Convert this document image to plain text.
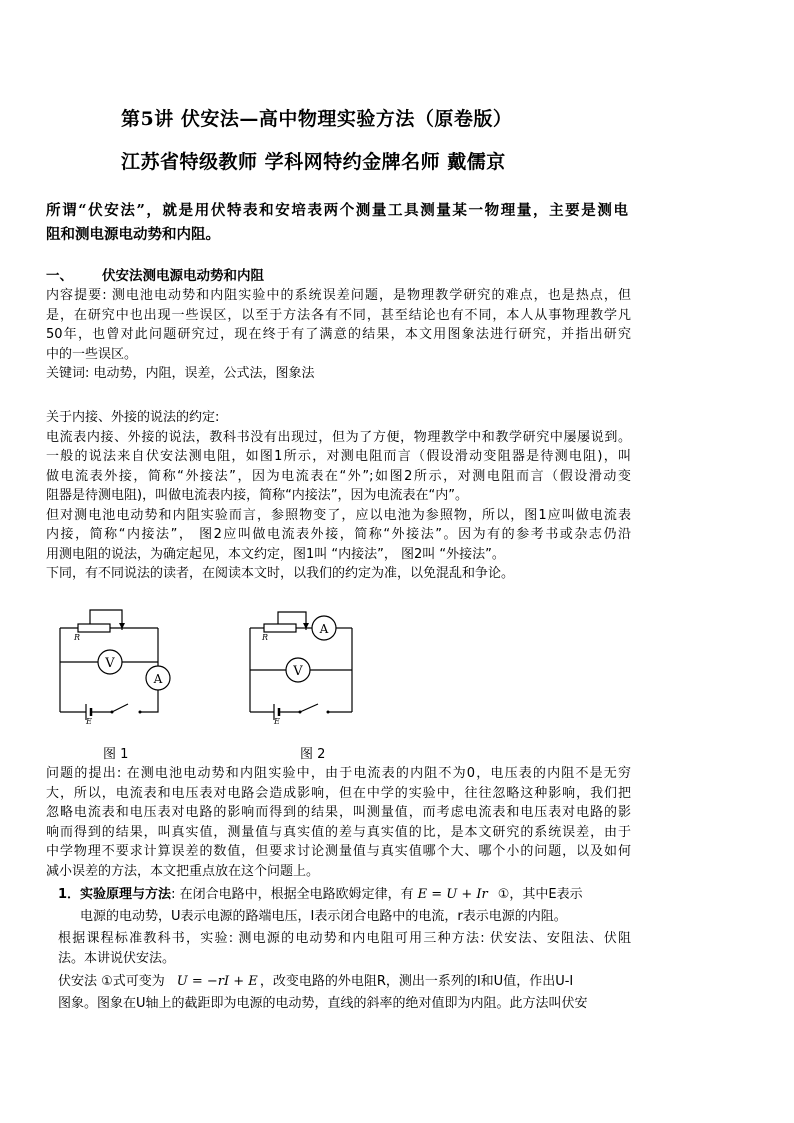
第5讲 伏安法—高中物理实验方法（原卷版）
江苏省特级教师 学科网特约金牌名师 戴儒京
所谓“伏安法”，就是用伏特表和安培表两个测量工具测量某一物理量，主要是测电
阻和测电源电动势和内阻。
一、 伏安法测电源电动势和内阻
内容提要: 测电池电动势和内阻实验中的系统误差问题，是物理教学研究的难点，也是热点，但
是，在研究中也出现一些误区，以至于方法各有不同，甚至结论也有不同，本人从事物理教学凡
50年，也曾对此问题研究过，现在终于有了满意的结果，本文用图象法进行研究，并指出研究
中的一些误区。
关键词: 电动势，内阻，误差，公式法，图象法
关于内接、外接的说法的约定:
电流表内接、外接的说法，教科书没有出现过，但为了方便，物理教学中和教学研究中屡屡说到。
一般的说法来自伏安法测电阻，如图1所示，对测电阻而言（假设滑动变阻器是待测电阻)，叫
做电流表外接，简称“外接法”，因为电流表在“外”;如图2所示，对测电阻而言（假设滑动变
阻器是待测电阻)，叫做电流表内接，简称“内接法”，因为电流表在“内”。
但对测电池电动势和内阻实验而言，参照物变了，应以电池为参照物，所以，图1应叫做电流表
内接，简称“内接法”， 图2应叫做电流表外接，简称“外接法”。因为有的参考书或杂志仍沿
用测电阻的说法，为确定起见，本文约定，图1叫 “内接法”， 图2叫 “外接法”。
下同，有不同说法的读者，在阅读本文时，以我们的约定为准，以免混乱和争论。
V
A
R
E
A
V
R
E
图 1	图 2
问题的提出: 在测电池电动势和内阻实验中，由于电流表的内阻不为0，电压表的内阻不是无穷
大，所以，电流表和电压表对电路会造成影响，但在中学的实验中，往往忽略这种影响，我们把
忽略电流表和电压表对电路的影响而得到的结果，叫测量值，而考虑电流表和电压表对电路的影
响而得到的结果，叫真实值，测量值与真实值的差与真实值的比，是本文研究的系统误差，由于
中学物理不要求计算误差的数值，但要求讨论测量值与真实值哪个大、哪个小的问题，以及如何
减小误差的方法，本文把重点放在这个问题上。
1．实验原理与方法: 在闭合电路中，根据全电路欧姆定律，有 E = U + Ir ①，其中E表示
电源的电动势，U表示电源的路端电压，I表示闭合电路中的电流，r表示电源的内阻。
根据课程标准教科书，实验: 测电源的电动势和内电阻可用三种方法: 伏安法、安阻法、伏阻
法。本讲说伏安法。
伏安法 ①式可变为 U = −rI + E ，改变电路的外电阻R，测出一系列的I和U值，作出U-I
图象。图象在U轴上的截距即为电源的电动势，直线的斜率的绝对值即为内阻。此方法叫伏安
